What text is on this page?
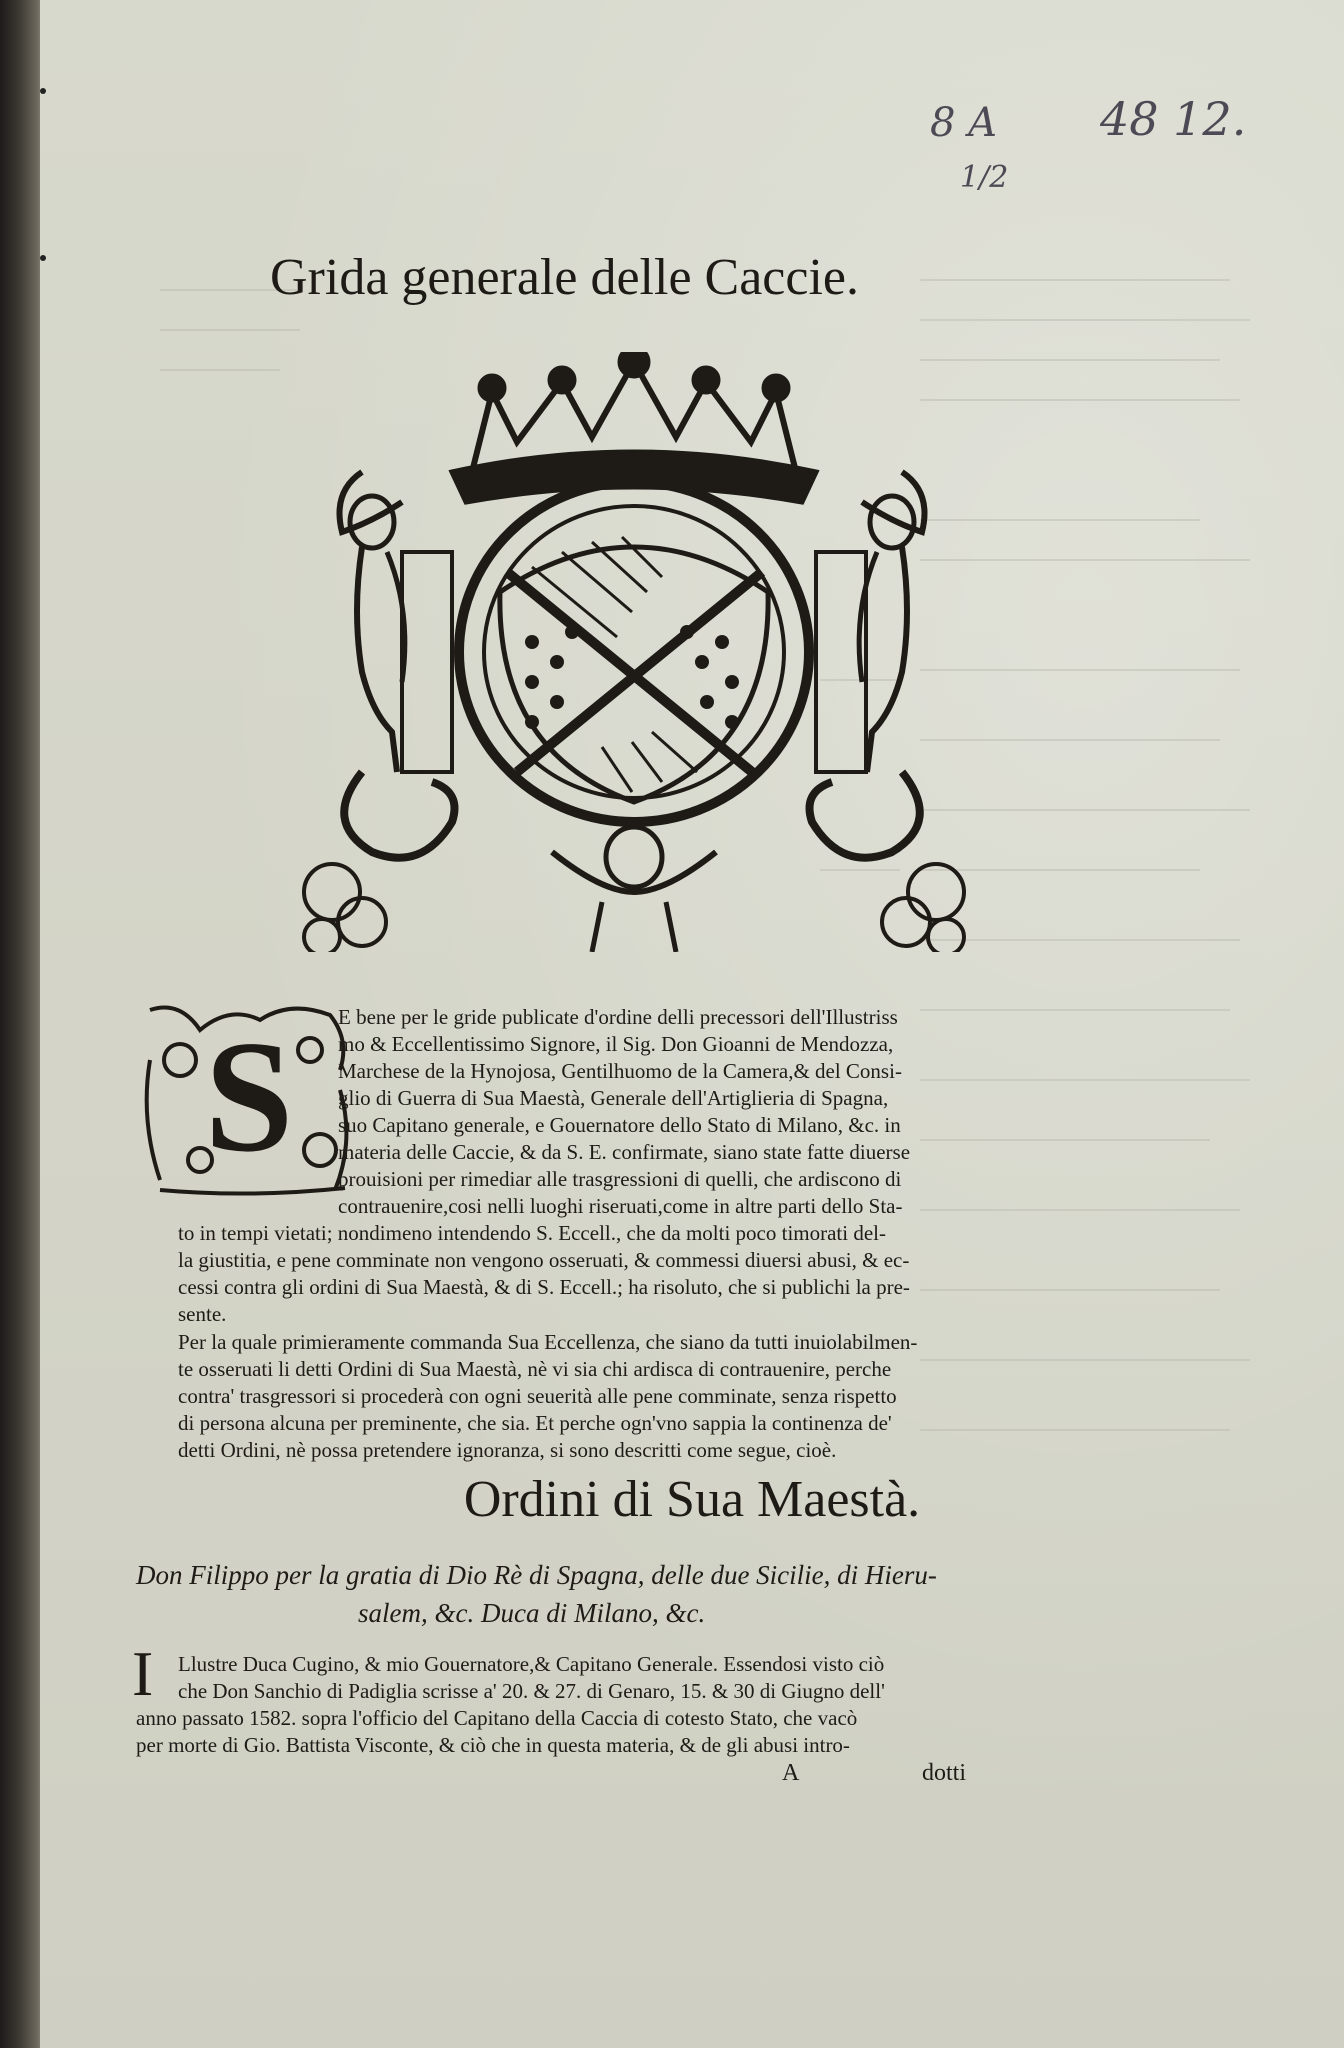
8 A 48 12.
1/2
Grida generale delle Caccie.
S E bene per le gride publicate d'ordine delli precessori dell'Illustriss
mo & Eccellentissimo Signore, il Sig. Don Gioanni de Mendozza,
Marchese de la Hynojosa, Gentilhuomo de la Camera,& del Consi-
glio di Guerra di Sua Maestà, Generale dell'Artiglieria di Spagna,
suo Capitano generale, e Gouernatore dello Stato di Milano, &c. in
materia delle Caccie, & da S. E. confirmate, siano state fatte diuerse
prouisioni per rimediar alle trasgressioni di quelli, che ardiscono di
contrauenire,cosi nelli luoghi riseruati,come in altre parti dello Sta-
to in tempi vietati; nondimeno intendendo S. Eccell., che da molti poco timorati del-
la giustitia, e pene comminate non vengono osseruati, & commessi diuersi abusi, & ec-
cessi contra gli ordini di Sua Maestà, & di S. Eccell.; ha risoluto, che si publichi la pre-
sente.
Per la quale primieramente commanda Sua Eccellenza, che siano da tutti inuiolabilmen-
te osseruati li detti Ordini di Sua Maestà, nè vi sia chi ardisca di contrauenire, perche
contra' trasgressori si procederà con ogni seuerità alle pene comminate, senza rispetto
di persona alcuna per preminente, che sia. Et perche ogn'vno sappia la continenza de'
detti Ordini, nè possa pretendere ignoranza, si sono descritti come segue, cioè.
Ordini di Sua Maestà.
Don Filippo per la gratia di Dio Rè di Spagna, delle due Sicilie, di Hieru-
salem, &c. Duca di Milano, &c.
I Llustre Duca Cugino, & mio Gouernatore,& Capitano Generale. Essendosi visto ciò
che Don Sanchio di Padiglia scrisse a' 20. & 27. di Genaro, 15. & 30 di Giugno dell'
anno passato 1582. sopra l'officio del Capitano della Caccia di cotesto Stato, che vacò
per morte di Gio. Battista Visconte, & ciò che in questa materia, & de gli abusi intro-
A	dotti
